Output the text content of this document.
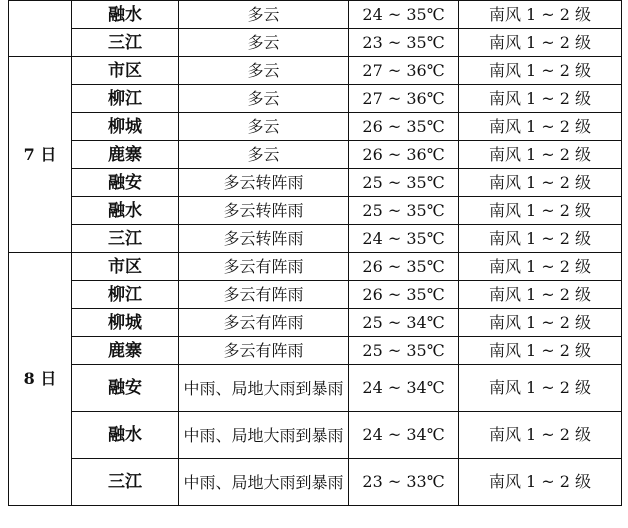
	融水	多云	24 ~ 35℃	南风 1 ~ 2 级
	三江	多云	23 ~ 35℃	南风 1 ~ 2 级
7 日	市区	多云	27 ~ 36℃	南风 1 ~ 2 级
	柳江	多云	27 ~ 36℃	南风 1 ~ 2 级
	柳城	多云	26 ~ 35℃	南风 1 ~ 2 级
	鹿寨	多云	26 ~ 36℃	南风 1 ~ 2 级
	融安	多云转阵雨	25 ~ 35℃	南风 1 ~ 2 级
	融水	多云转阵雨	25 ~ 35℃	南风 1 ~ 2 级
	三江	多云转阵雨	24 ~ 35℃	南风 1 ~ 2 级
8 日	市区	多云有阵雨	26 ~ 35℃	南风 1 ~ 2 级
	柳江	多云有阵雨	26 ~ 35℃	南风 1 ~ 2 级
	柳城	多云有阵雨	25 ~ 34℃	南风 1 ~ 2 级
	鹿寨	多云有阵雨	25 ~ 35℃	南风 1 ~ 2 级
	融安	中雨、局地大雨到暴雨	24 ~ 34℃	南风 1 ~ 2 级
	融水	中雨、局地大雨到暴雨	24 ~ 34℃	南风 1 ~ 2 级
	三江	中雨、局地大雨到暴雨	23 ~ 33℃	南风 1 ~ 2 级
